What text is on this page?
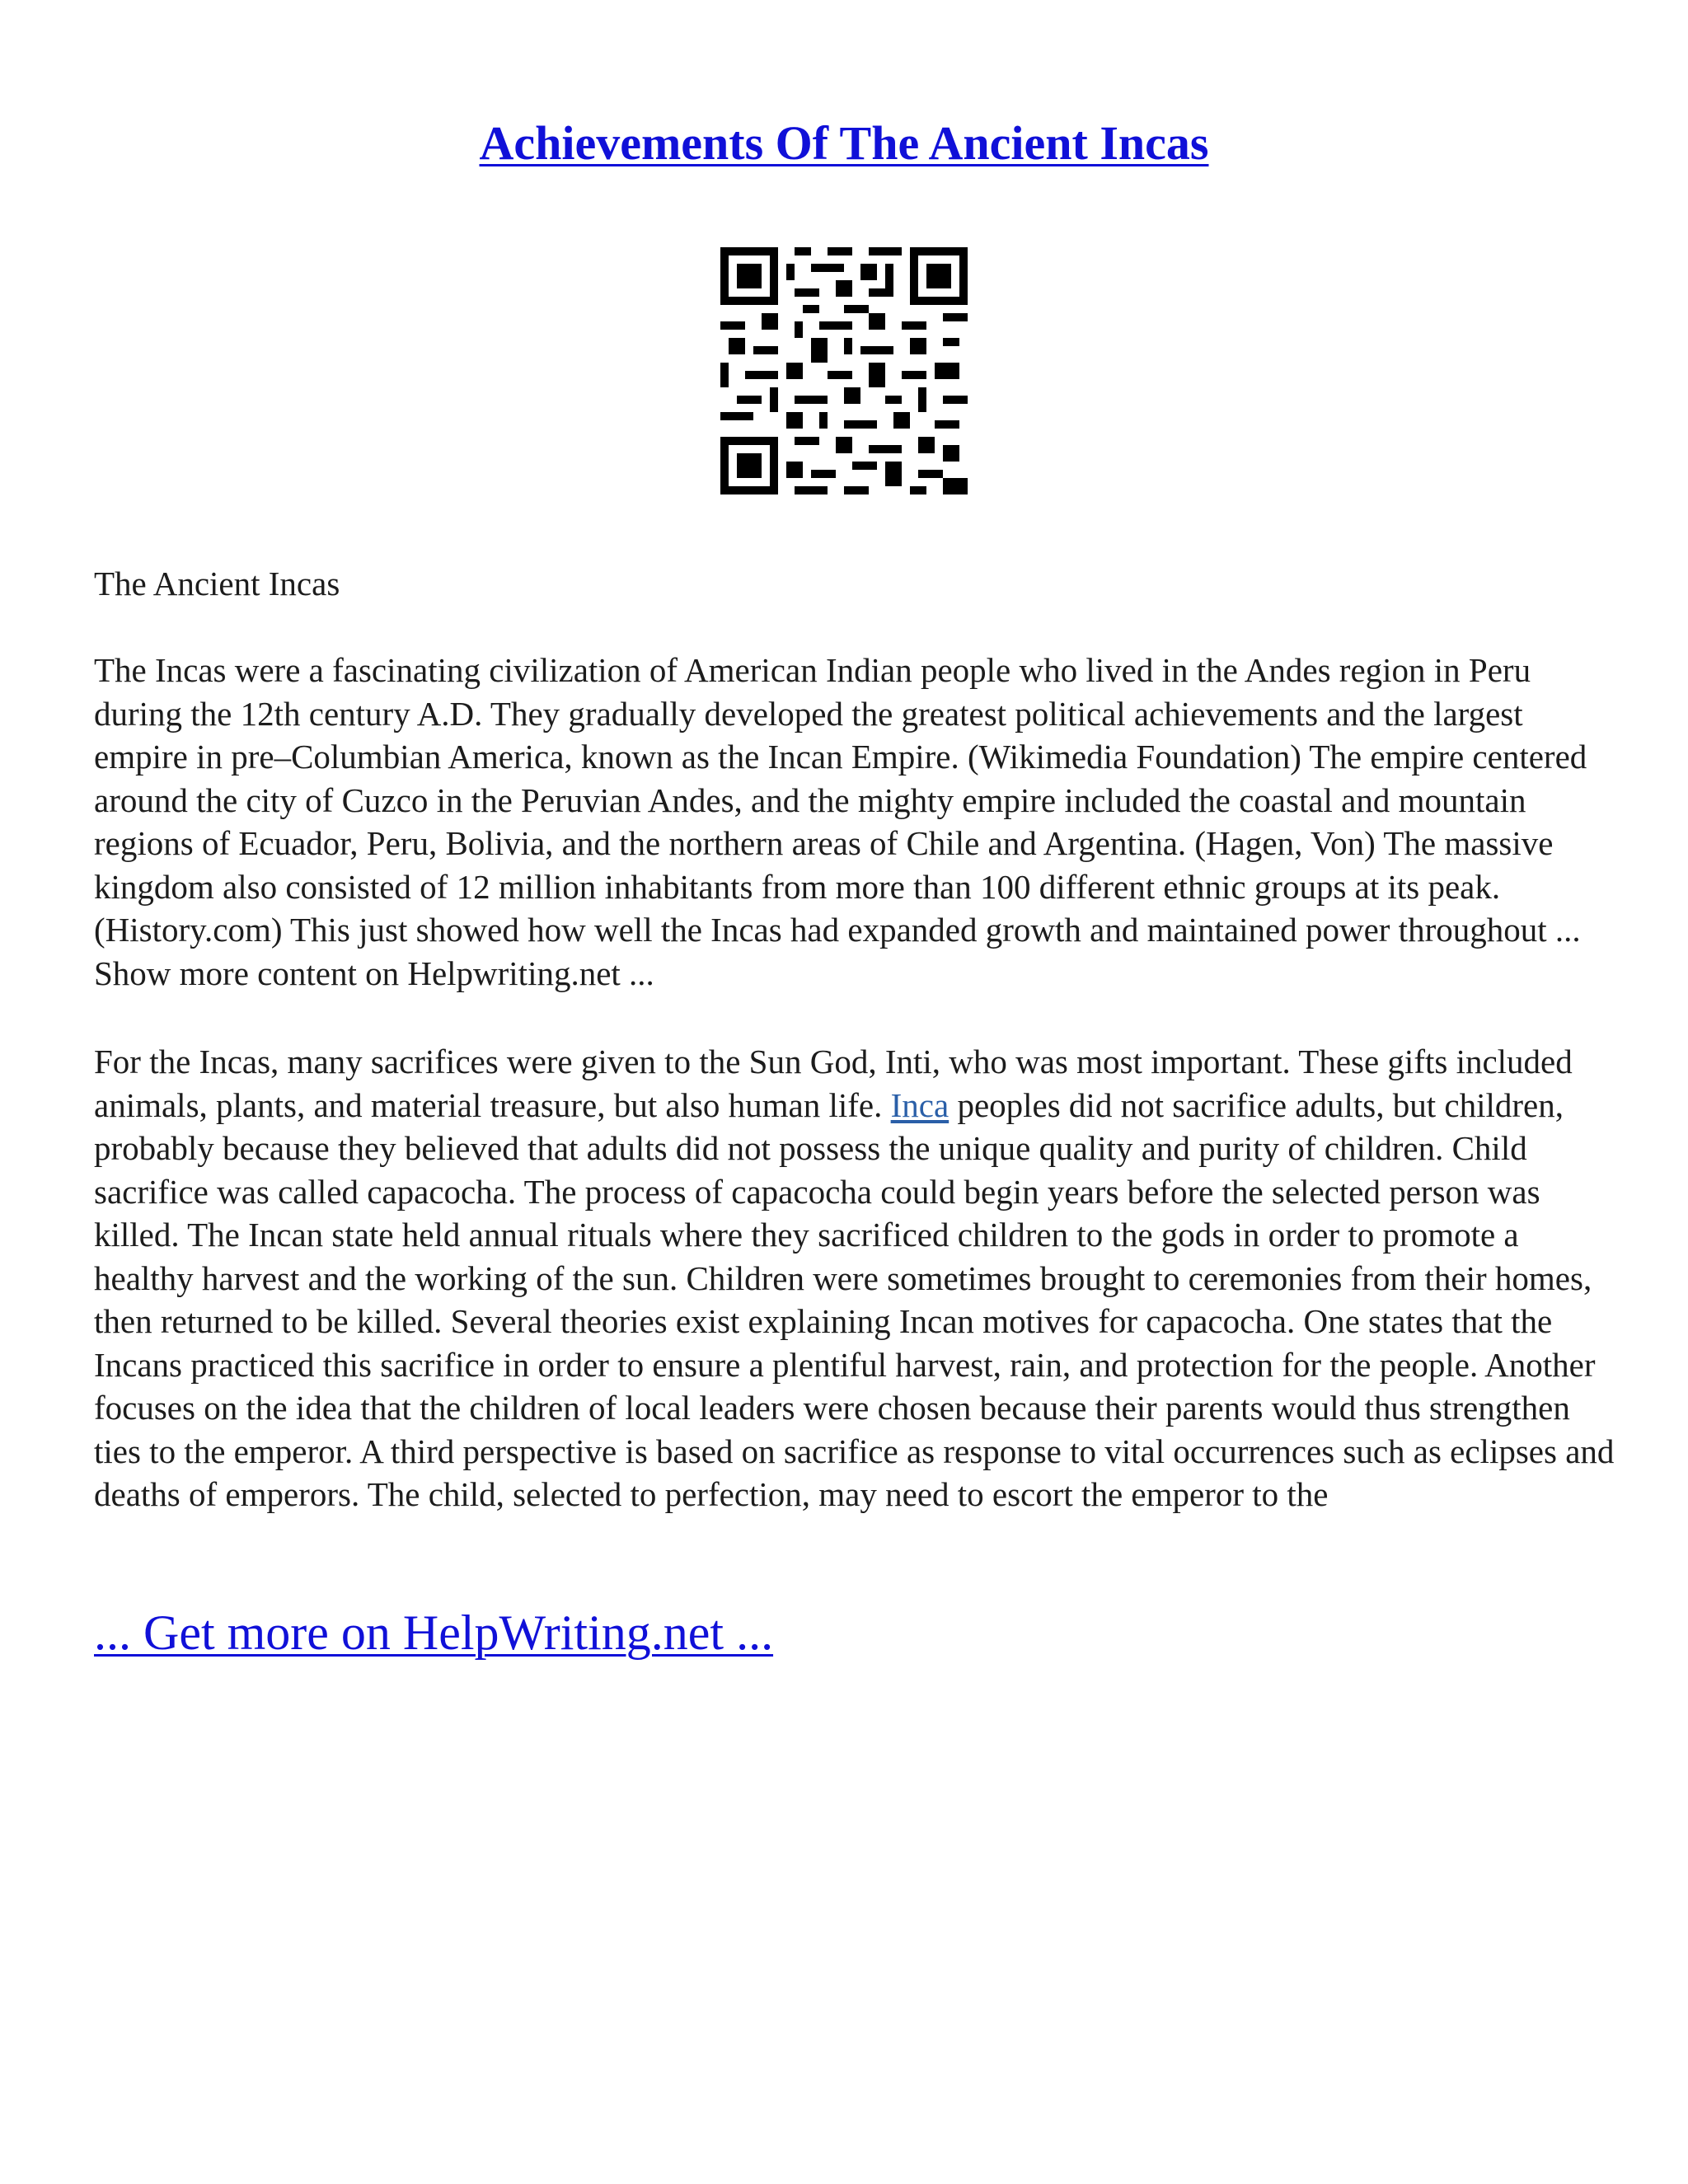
Achievements Of The Ancient Incas
The Ancient Incas
The Incas were a fascinating civilization of American Indian people who lived in the Andes region in Peru during the 12th century A.D. They gradually developed the greatest political achievements and the largest empire in pre–Columbian America, known as the Incan Empire. (Wikimedia Foundation) The empire centered around the city of Cuzco in the Peruvian Andes, and the mighty empire included the coastal and mountain regions of Ecuador, Peru, Bolivia, and the northern areas of Chile and Argentina. (Hagen, Von) The massive kingdom also consisted of 12 million inhabitants from more than 100 different ethnic groups at its peak. (History.com) This just showed how well the Incas had expanded growth and maintained power throughout ... Show more content on Helpwriting.net ...
For the Incas, many sacrifices were given to the Sun God, Inti, who was most important. These gifts included animals, plants, and material treasure, but also human life. Inca peoples did not sacrifice adults, but children, probably because they believed that adults did not possess the unique quality and purity of children. Child sacrifice was called capacocha. The process of capacocha could begin years before the selected person was killed. The Incan state held annual rituals where they sacrificed children to the gods in order to promote a healthy harvest and the working of the sun. Children were sometimes brought to ceremonies from their homes, then returned to be killed. Several theories exist explaining Incan motives for capacocha. One states that the Incans practiced this sacrifice in order to ensure a plentiful harvest, rain, and protection for the people. Another focuses on the idea that the children of local leaders were chosen because their parents would thus strengthen ties to the emperor. A third perspective is based on sacrifice as response to vital occurrences such as eclipses and deaths of emperors. The child, selected to perfection, may need to escort the emperor to the
... Get more on HelpWriting.net ...
